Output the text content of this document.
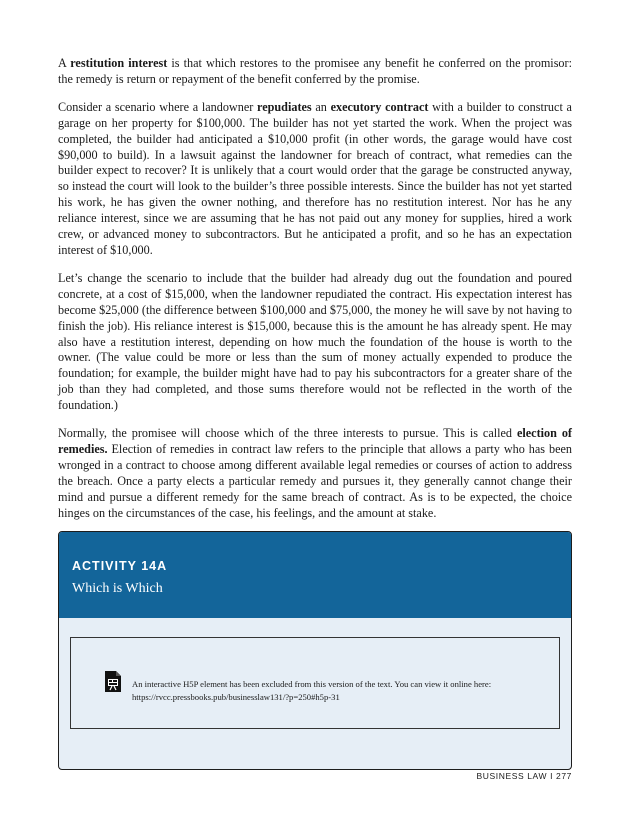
A restitution interest is that which restores to the promisee any benefit he conferred on the promisor: the remedy is return or repayment of the benefit conferred by the promise.

Consider a scenario where a landowner repudiates an executory contract with a builder to construct a garage on her property for $100,000. The builder has not yet started the work. When the project was completed, the builder had anticipated a $10,000 profit (in other words, the garage would have cost $90,000 to build). In a lawsuit against the landowner for breach of contract, what remedies can the builder expect to recover? It is unlikely that a court would order that the garage be constructed anyway, so instead the court will look to the builder’s three possible interests. Since the builder has not yet started his work, he has given the owner nothing, and therefore has no restitution interest. Nor has he any reliance interest, since we are assuming that he has not paid out any money for supplies, hired a work crew, or advanced money to subcontractors. But he anticipated a profit, and so he has an expectation interest of $10,000.

Let’s change the scenario to include that the builder had already dug out the foundation and poured concrete, at a cost of $15,000, when the landowner repudiated the contract. His expectation interest has become $25,000 (the difference between $100,000 and $75,000, the money he will save by not having to finish the job). His reliance interest is $15,000, because this is the amount he has already spent. He may also have a restitution interest, depending on how much the foundation of the house is worth to the owner. (The value could be more or less than the sum of money actually expended to produce the foundation; for example, the builder might have had to pay his subcontractors for a greater share of the job than they had completed, and those sums therefore would not be reflected in the worth of the foundation.)

Normally, the promisee will choose which of the three interests to pursue. This is called election of remedies. Election of remedies in contract law refers to the principle that allows a party who has been wronged in a contract to choose among different available legal remedies or courses of action to address the breach. Once a party elects a particular remedy and pursues it, they generally cannot change their mind and pursue a different remedy for the same breach of contract. As is to be expected, the choice hinges on the circumstances of the case, his feelings, and the amount at stake.

ACTIVITY 14A
Which is Which
An interactive H5P element has been excluded from this version of the text. You can view it online here:
https://rvcc.pressbooks.pub/businesslaw131/?p=250#h5p-31
BUSINESS LAW I 277
